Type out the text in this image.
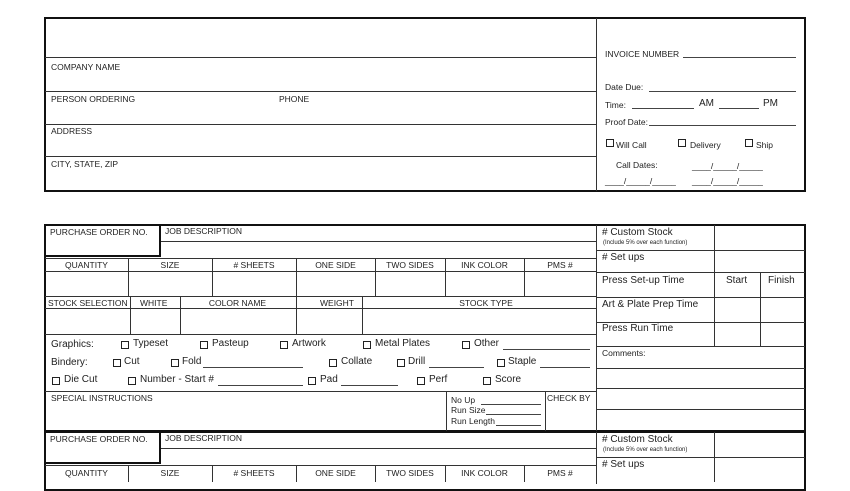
COMPANY NAME
PERSON ORDERING	PHONE
ADDRESS
CITY, STATE, ZIP
INVOICE NUMBER
Date Due:
Time:	AM	PM
Proof Date:
Will Call	Delivery	Ship
Call Dates:	____/_____/_____
____/_____/_____ ____/_____/_____
PURCHASE ORDER NO. JOB DESCRIPTION
QUANTITY	SIZE	# SHEETS	ONE SIDE	TWO SIDES	INK COLOR	PMS #
STOCK SELECTION WHITE	COLOR NAME	WEIGHT	STOCK TYPE
Graphics:	Typeset	Pasteup	Artwork	Metal Plates	Other
Bindery:	Cut	Fold	Collate	Drill	Staple
Die Cut	Number - Start #	Pad	Perf	Score
SPECIAL INSTRUCTIONS	No Up
Run Size
Run Length
CHECK BY
# Custom Stock
(Include 5% over each function)
# Set ups
Press Set-up Time	Start Finish
Art & Plate Prep Time
Press Run Time
Comments:
PURCHASE ORDER NO. JOB DESCRIPTION
QUANTITY	SIZE	# SHEETS	ONE SIDE	TWO SIDES	INK COLOR	PMS #
# Custom Stock
(Include 5% over each function)
# Set ups
